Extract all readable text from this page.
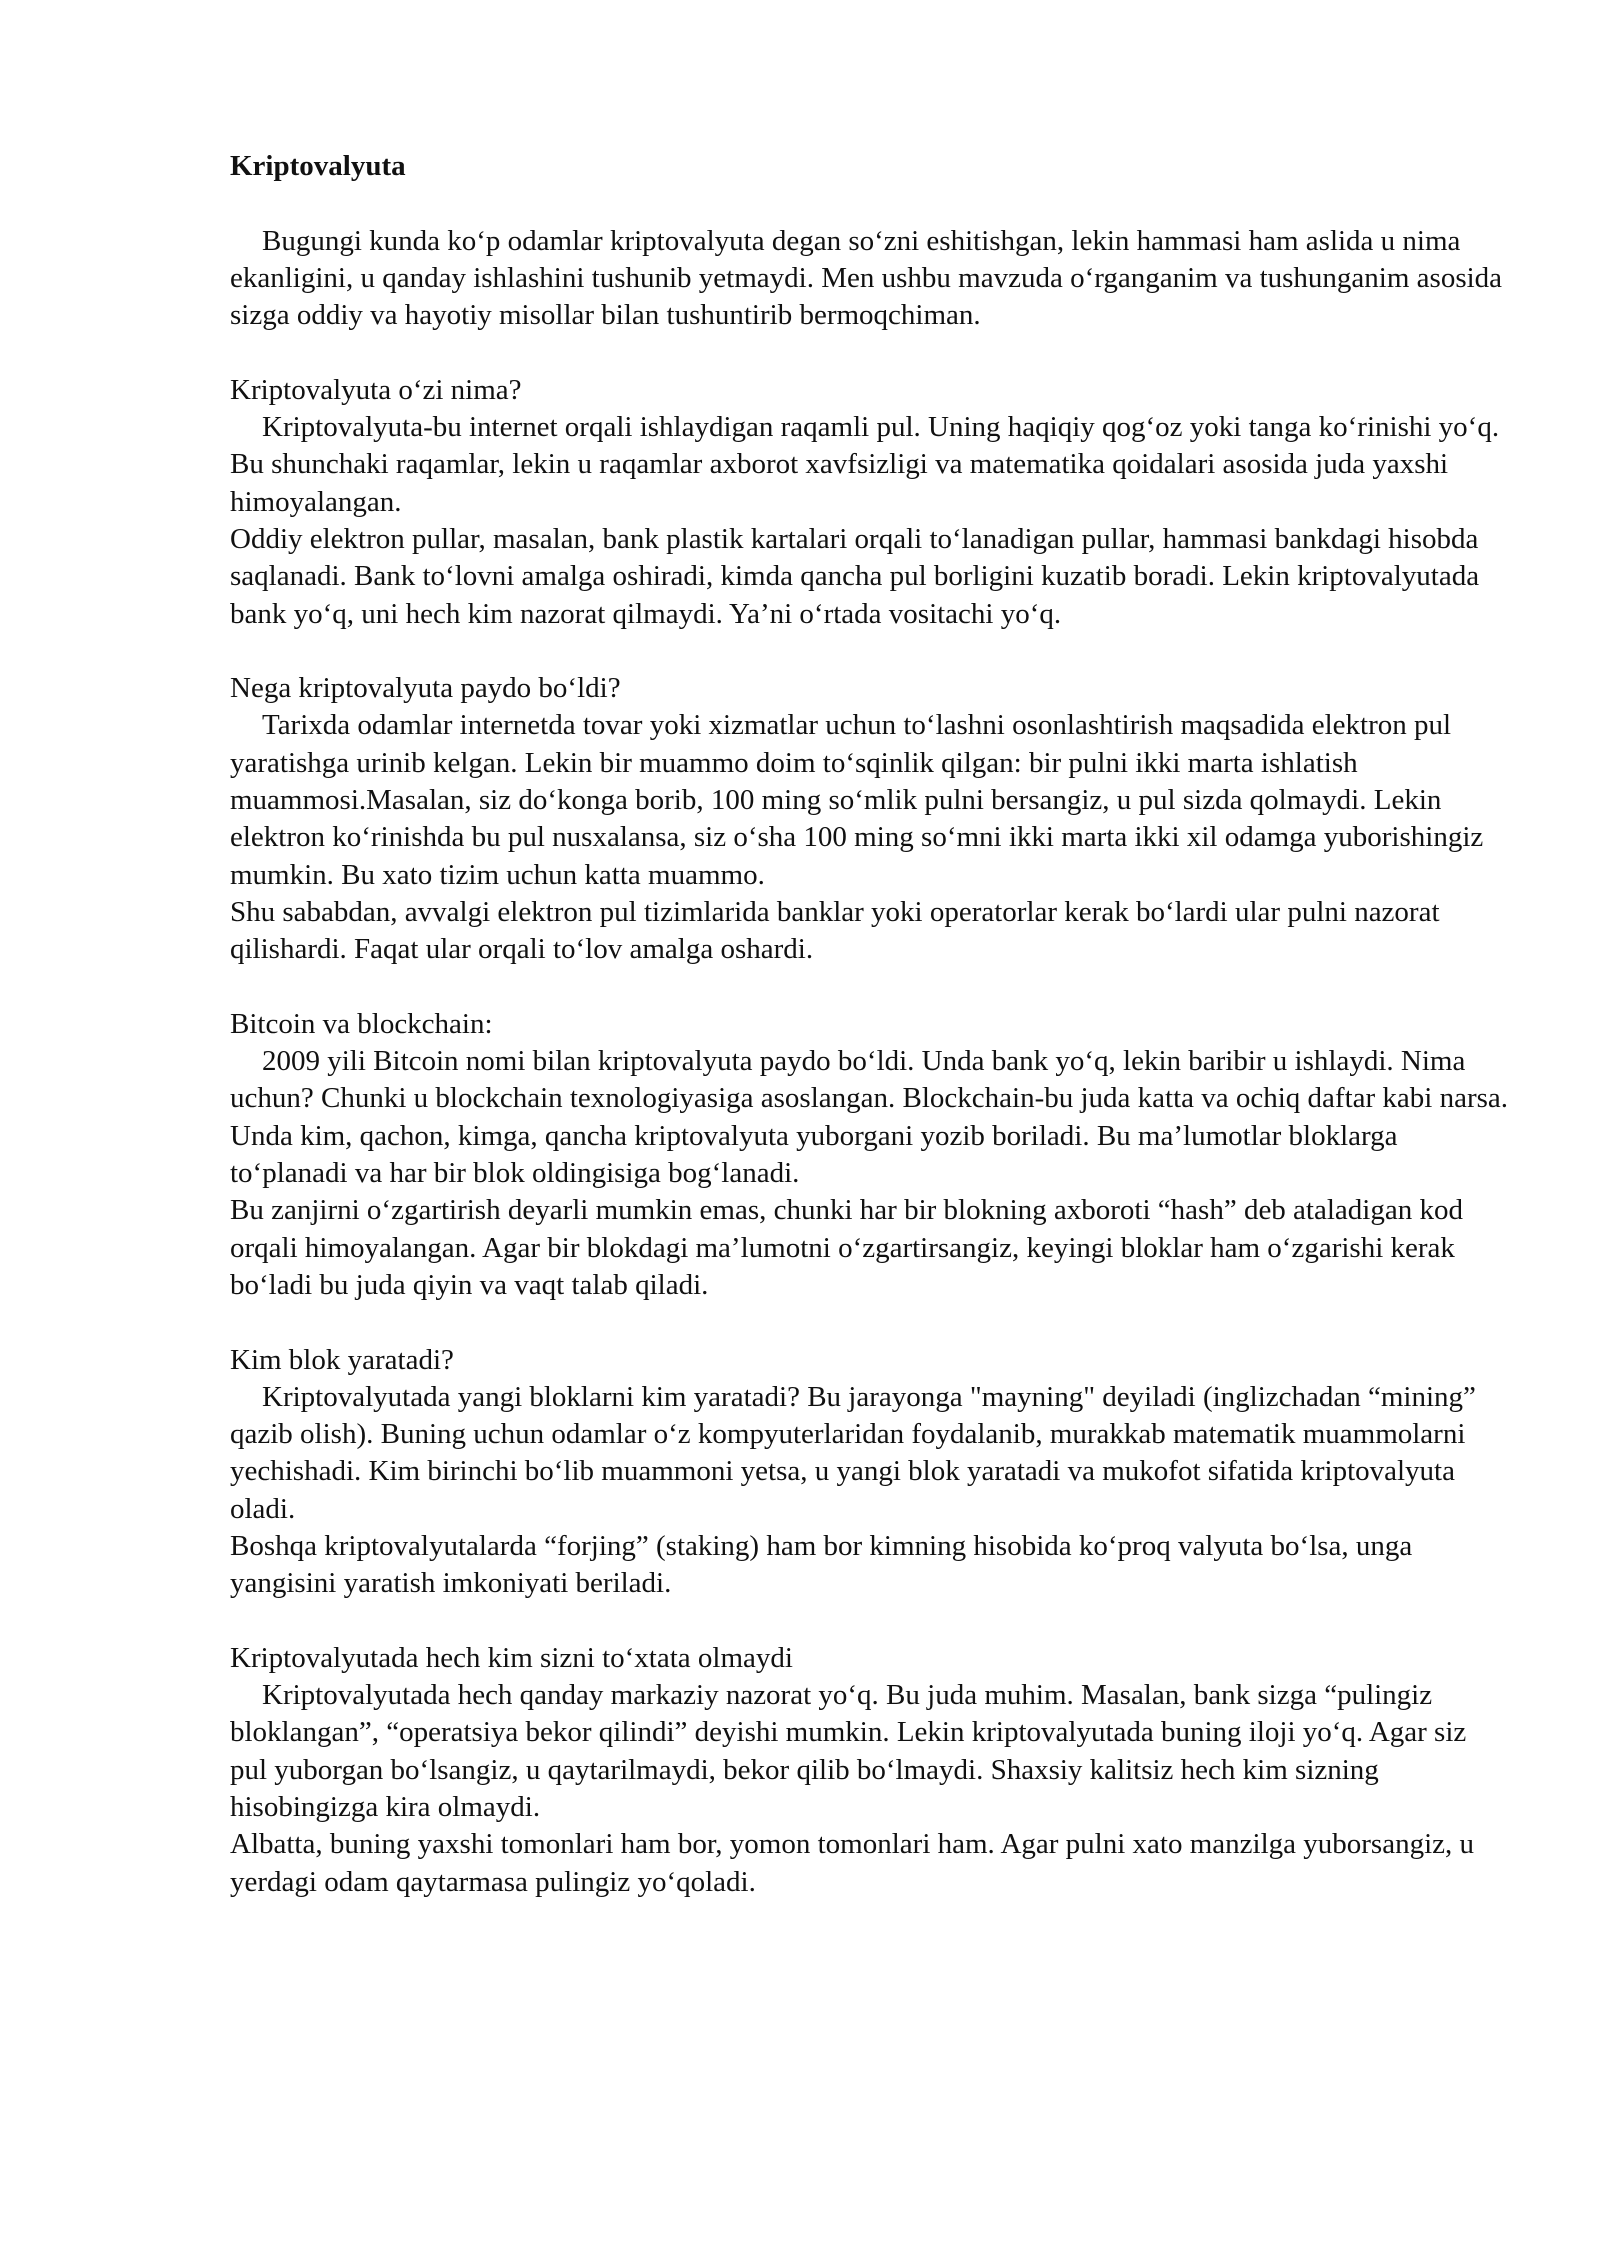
Kriptovalyuta

Bugungi kunda ko‘p odamlar kriptovalyuta degan so‘zni eshitishgan, lekin hammasi ham aslida u nima ekanligini, u qanday ishlashini tushunib yetmaydi. Men ushbu mavzuda o‘rganganim va tushunganim asosida sizga oddiy va hayotiy misollar bilan tushuntirib bermoqchiman.

Kriptovalyuta o‘zi nima?

Kriptovalyuta-bu internet orqali ishlaydigan raqamli pul. Uning haqiqiy qog‘oz yoki tanga ko‘rinishi yo‘q. Bu shunchaki raqamlar, lekin u raqamlar axborot xavfsizligi va matematika qoidalari asosida juda yaxshi himoyalangan.

Oddiy elektron pullar, masalan, bank plastik kartalari orqali to‘lanadigan pullar, hammasi bankdagi hisobda saqlanadi. Bank to‘lovni amalga oshiradi, kimda qancha pul borligini kuzatib boradi. Lekin kriptovalyutada bank yo‘q, uni hech kim nazorat qilmaydi. Ya’ni o‘rtada vositachi yo‘q.

Nega kriptovalyuta paydo bo‘ldi?

Tarixda odamlar internetda tovar yoki xizmatlar uchun to‘lashni osonlashtirish maqsadida elektron pul yaratishga urinib kelgan. Lekin bir muammo doim to‘sqinlik qilgan: bir pulni ikki marta ishlatish muammosi.Masalan, siz do‘konga borib, 100 ming so‘mlik pulni bersangiz, u pul sizda qolmaydi. Lekin elektron ko‘rinishda bu pul nusxalansa, siz o‘sha 100 ming so‘mni ikki marta ikki xil odamga yuborishingiz mumkin. Bu xato tizim uchun katta muammo.

Shu sababdan, avvalgi elektron pul tizimlarida banklar yoki operatorlar kerak bo‘lardi ular pulni nazorat qilishardi. Faqat ular orqali to‘lov amalga oshardi.

Bitcoin va blockchain:

2009 yili Bitcoin nomi bilan kriptovalyuta paydo bo‘ldi. Unda bank yo‘q, lekin baribir u ishlaydi. Nima uchun? Chunki u blockchain texnologiyasiga asoslangan. Blockchain-bu juda katta va ochiq daftar kabi narsa. Unda kim, qachon, kimga, qancha kriptovalyuta yuborgani yozib boriladi. Bu ma’lumotlar bloklarga to‘planadi va har bir blok oldingisiga bog‘lanadi.

Bu zanjirni o‘zgartirish deyarli mumkin emas, chunki har bir blokning axboroti “hash” deb ataladigan kod orqali himoyalangan. Agar bir blokdagi ma’lumotni o‘zgartirsangiz, keyingi bloklar ham o‘zgarishi kerak bo‘ladi bu juda qiyin va vaqt talab qiladi.

Kim blok yaratadi?

Kriptovalyutada yangi bloklarni kim yaratadi? Bu jarayonga "mayning" deyiladi (inglizchadan “mining” qazib olish). Buning uchun odamlar o‘z kompyuterlaridan foydalanib, murakkab matematik muammolarni yechishadi. Kim birinchi bo‘lib muammoni yetsa, u yangi blok yaratadi va mukofot sifatida kriptovalyuta oladi.

Boshqa kriptovalyutalarda “forjing” (staking) ham bor kimning hisobida ko‘proq valyuta bo‘lsa, unga yangisini yaratish imkoniyati beriladi.

Kriptovalyutada hech kim sizni to‘xtata olmaydi

Kriptovalyutada hech qanday markaziy nazorat yo‘q. Bu juda muhim. Masalan, bank sizga “pulingiz bloklangan”, “operatsiya bekor qilindi” deyishi mumkin. Lekin kriptovalyutada buning iloji yo‘q. Agar siz pul yuborgan bo‘lsangiz, u qaytarilmaydi, bekor qilib bo‘lmaydi. Shaxsiy kalitsiz hech kim sizning hisobingizga kira olmaydi.

Albatta, buning yaxshi tomonlari ham bor, yomon tomonlari ham. Agar pulni xato manzilga yuborsangiz, u yerdagi odam qaytarmasa pulingiz yo‘qoladi.
